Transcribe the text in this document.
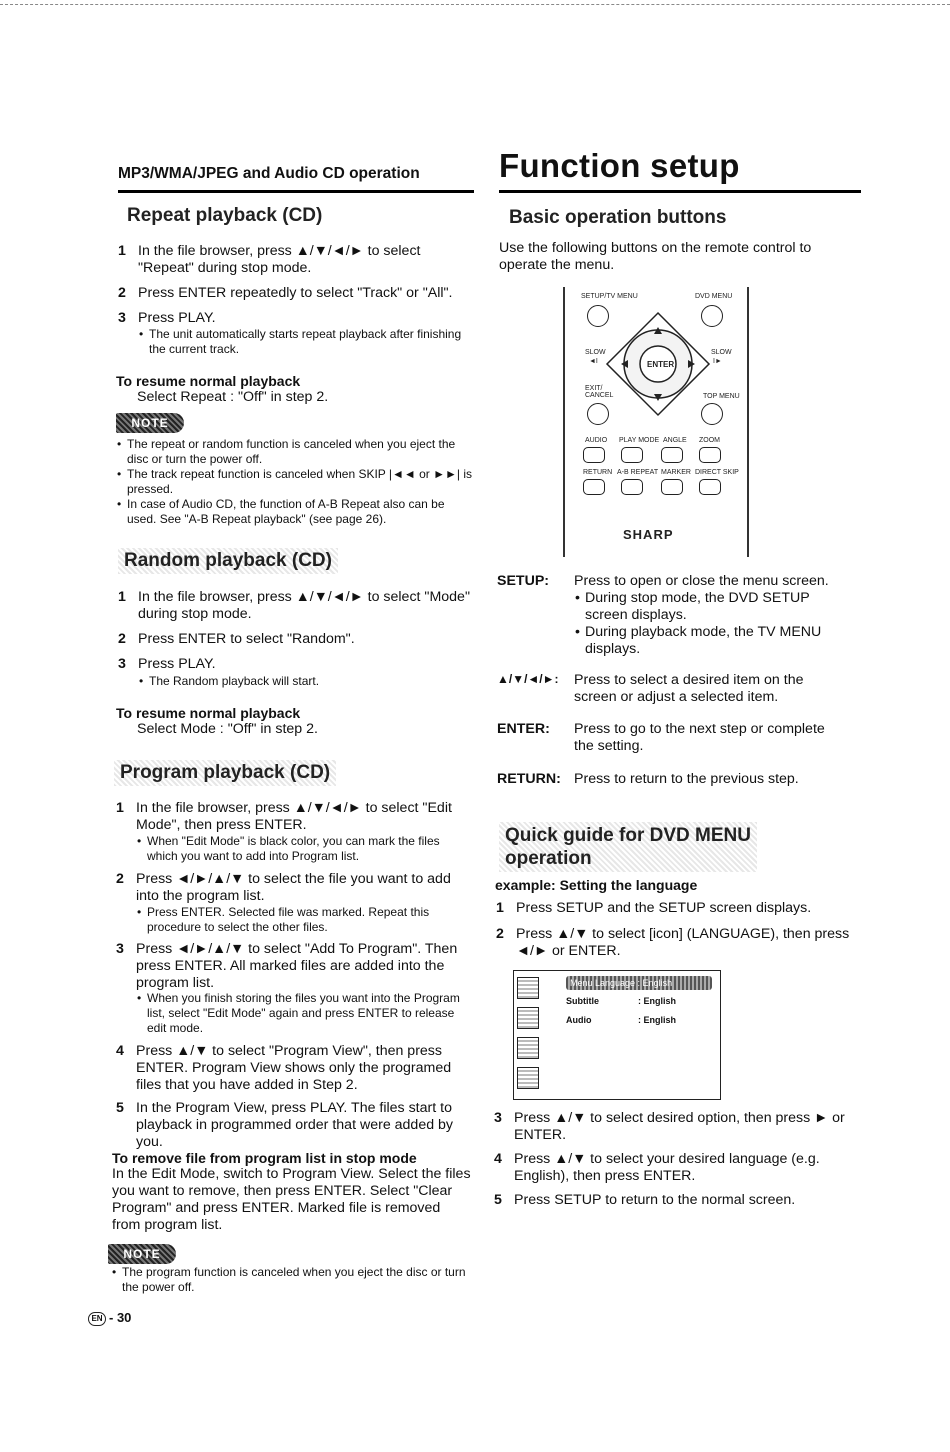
MP3/WMA/JPEG and Audio CD operation Function setup
Repeat playback (CD)
1 In the file browser, press ▲/▼/◄/► to select "Repeat" during stop mode.
2 Press ENTER repeatedly to select "Track" or "All".
3 Press PLAY.
• The unit automatically starts repeat playback after finishing the current track.
To resume normal playback
Select Repeat : "Off" in step 2.
NOTE
• The repeat or random function is canceled when you eject the disc or turn the power off.
• The track repeat function is canceled when SKIP |◄◄ or ►►| is pressed.
• In case of Audio CD, the function of A-B Repeat also can be used. See "A-B Repeat playback" (see page 26).
Random playback (CD)
1 In the file browser, press ▲/▼/◄/► to select "Mode" during stop mode.
2 Press ENTER to select "Random".
3 Press PLAY.
• The Random playback will start.
To resume normal playback
Select Mode : "Off" in step 2.
Program playback (CD)
1 In the file browser, press ▲/▼/◄/► to select "Edit Mode", then press ENTER.
• When "Edit Mode" is black color, you can mark the files which you want to add into Program list.
2 Press ◄/►/▲/▼ to select the file you want to add into the program list.
• Press ENTER. Selected file was marked. Repeat this procedure to select the other files.
3 Press ◄/►/▲/▼ to select "Add To Program". Then press ENTER. All marked files are added into the program list.
• When you finish storing the files you want into the Program list, select "Edit Mode" again and press ENTER to release edit mode.
4 Press ▲/▼ to select "Program View", then press ENTER. Program View shows only the programed files that you have added in Step 2.
5 In the Program View, press PLAY. The files start to playback in programmed order that were added by you.
To remove file from program list in stop mode
In the Edit Mode, switch to Program View. Select the files you want to remove, then press ENTER. Select "Clear Program" and press ENTER. Marked file is removed from program list.
NOTE
• The program function is canceled when you eject the disc or turn the power off.
Basic operation buttons
Use the following buttons on the remote control to operate the menu.
SETUP/TV MENU	DVD MENU
ENTER
SLOW	SLOW
◄I	I►
EXIT/ CANCEL	TOP MENU
AUDIO PLAY MODE ANGLE ZOOM
RETURN A-B REPEAT MARKER DIRECT SKIP
SHARP
SETUP: Press to open or close the menu screen.
• During stop mode, the DVD SETUP screen displays.
• During playback mode, the TV MENU displays.
▲/▼/◄/►: Press to select a desired item on the screen or adjust a selected item.
ENTER: Press to go to the next step or complete the setting.
RETURN: Press to return to the previous step.
Quick guide for DVD MENU
operation
example: Setting the language
1 Press SETUP and the SETUP screen displays.
2 Press ▲/▼ to select [icon] (LANGUAGE), then press ◄/► or ENTER.
Menu Language : English
Subtitle	: English
Audio	: English
3 Press ▲/▼ to select desired option, then press ► or ENTER.
4 Press ▲/▼ to select your desired language (e.g. English), then press ENTER.
5 Press SETUP to return to the normal screen.
EN - 30
